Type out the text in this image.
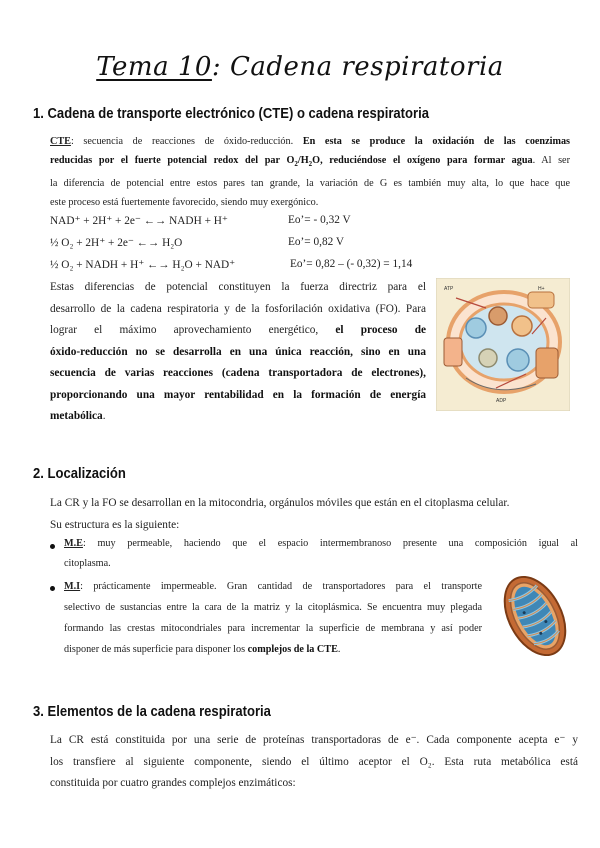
Tema 10: Cadena respiratoria
1. Cadena de transporte electrónico (CTE) o cadena respiratoria
CTE: secuencia de reacciones de óxido-reducción. En esta se produce la oxidación de las coenzimas
reducidas por el fuerte potencial redox del par $O_2/H_2O$, reduciéndose el oxígeno para formar agua. Al ser
la diferencia de potencial entre estos pares tan grande, la variación de G es también muy alta, lo que hace que
este proceso está fuertemente favorecido, siendo muy exergónico.
NAD⁺ + 2H⁺ + 2e⁻ ←→ NADH + H⁺	Eo’= - 0,32 V
½ O₂ + 2H⁺ + 2e⁻ ←→ H₂O	Eo’= 0,82 V
½ O₂ + NADH + H⁺ ←→ H₂O + NAD⁺	Eo’= 0,82 – (- 0,32) = 1,14
Estas diferencias de potencial constituyen la fuerza directriz para el
desarrollo de la cadena respiratoria y de la fosforilación oxidativa (FO). Para
lograr el máximo aprovechamiento energético, el proceso de
óxido-reducción no se desarrolla en una única reacción, sino en una
secuencia de varias reacciones (cadena transportadora de electrones),
proporcionando una mayor rentabilidad en la formación de energía
metabólica.
ATP	H+
ADP
2. Localización
La CR y la FO se desarrollan en la mitocondria, orgánulos móviles que están en el citoplasma celular.
Su estructura es la siguiente:
M.E: muy permeable, haciendo que el espacio intermembranoso presente una composición igual al
citoplasma.
M.I: prácticamente impermeable. Gran cantidad de transportadores para el transporte
selectivo de sustancias entre la cara de la matriz y la citoplásmica. Se encuentra muy plegada
formando las crestas mitocondriales para incrementar la superficie de membrana y así poder
disponer de más superficie para disponer los complejos de la CTE.
3. Elementos de la cadena respiratoria
La CR está constituida por una serie de proteínas transportadoras de e⁻. Cada componente acepta e⁻ y
los transfiere al siguiente componente, siendo el último aceptor el O₂. Esta ruta metabólica está
constituida por cuatro grandes complejos enzimáticos:
